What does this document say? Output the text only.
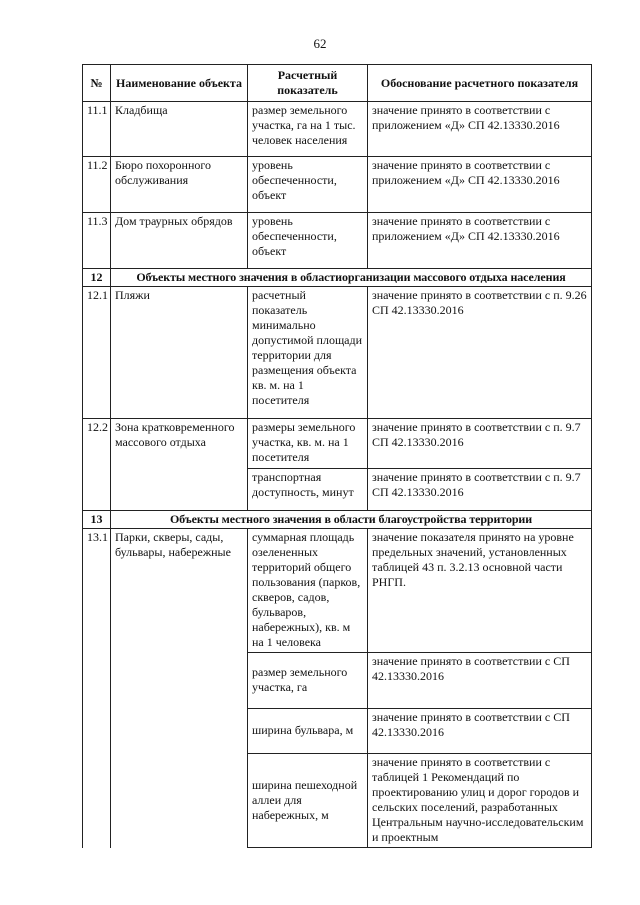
62
№	Наименование объекта	Расчетный показатель	Обоснование расчетного показателя
11.1	Кладбища	размер земельного участка, га на 1 тыс. человек населения	значение принято в соответствии с приложением «Д» СП 42.13330.2016
11.2	Бюро похоронного обслуживания	уровень обеспеченности, объект	значение принято в соответствии с приложением «Д» СП 42.13330.2016
11.3	Дом траурных обрядов	уровень обеспеченности, объект	значение принято в соответствии с приложением «Д» СП 42.13330.2016
12	Объекты местного значения в областиорганизации массового отдыха населения		
12.1	Пляжи	расчетный показатель минимально допустимой площади территории для размещения объекта кв. м. на 1 посетителя	значение принято в соответствии с п. 9.26 СП 42.13330.2016
12.2	Зона кратковременного массового отдыха	размеры земельного участка, кв. м. на 1 посетителя	значение принято в соответствии с п. 9.7 СП 42.13330.2016
		транспортная доступность, минут	значение принято в соответствии с п. 9.7 СП 42.13330.2016
13	Объекты местного значения в области благоустройства территории		
13.1	Парки, скверы, сады, бульвары, набережные	суммарная площадь озелененных территорий общего пользования (парков, скверов, садов, бульваров, набережных), кв. м на 1 человека	значение показателя принято на уровне предельных значений, установленных таблицей 43 п. 3.2.13 основной части РНГП.
		размер земельного участка, га	значение принято в соответствии с СП 42.13330.2016
		ширина бульвара, м	значение принято в соответствии с СП 42.13330.2016
		ширина пешеходной аллеи для набережных, м	значение принято в соответствии с таблицей 1 Рекомендаций по проектированию улиц и дорог городов и сельских поселений, разработанных Центральным научно-исследовательским и проектным
